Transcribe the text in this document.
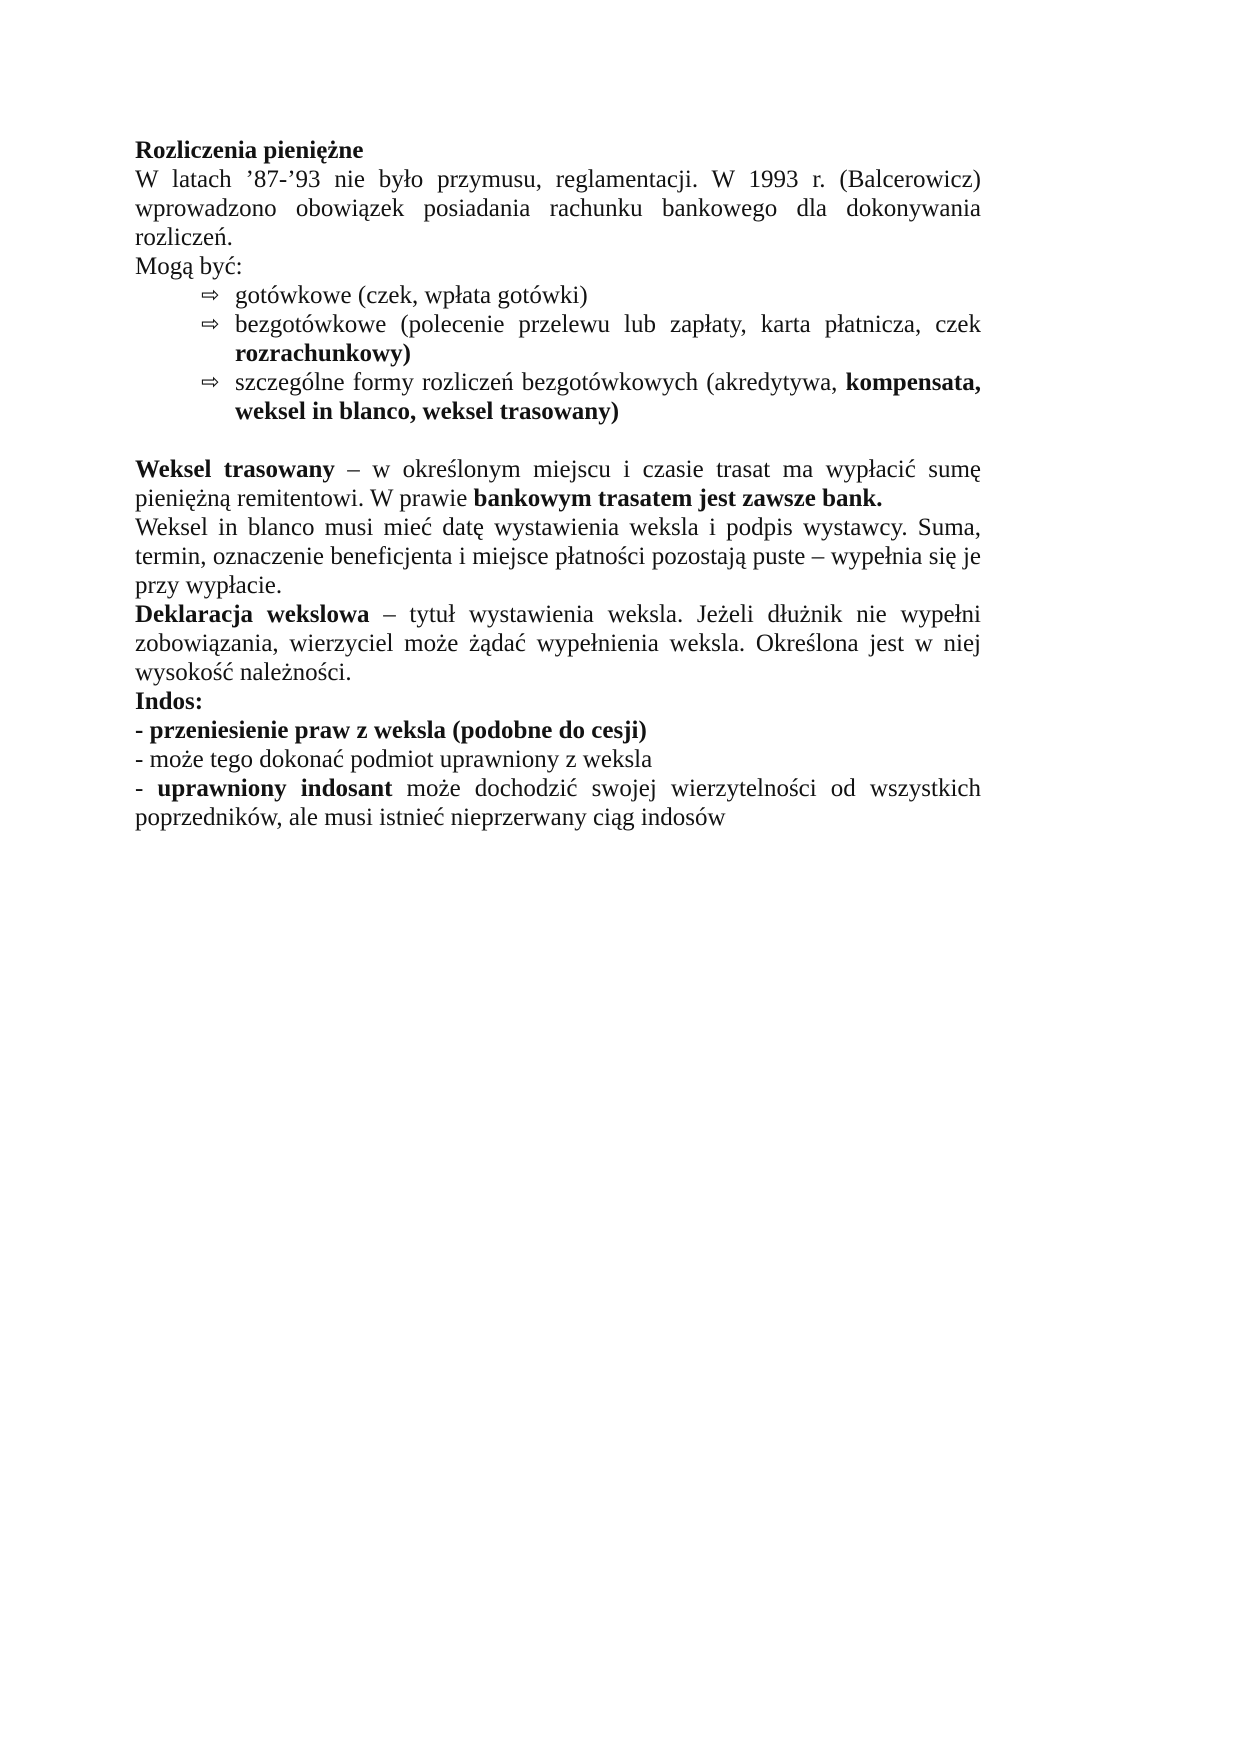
Rozliczenia pieniężne

W latach ’87-’93 nie było przymusu, reglamentacji. W 1993 r. (Balcerowicz) wprowadzono obowiązek posiadania rachunku bankowego dla dokonywania rozliczeń.

Mogą być:

⇨ gotówkowe (czek, wpłata gotówki)
⇨ bezgotówkowe (polecenie przelewu lub zapłaty, karta płatnicza, czek rozrachunkowy)
⇨ szczególne formy rozliczeń bezgotówkowych (akredytywa, kompensata, weksel in blanco, weksel trasowany)

Weksel trasowany – w określonym miejscu i czasie trasat ma wypłacić sumę pieniężną remitentowi. W prawie bankowym trasatem jest zawsze bank.

Weksel in blanco musi mieć datę wystawienia weksla i podpis wystawcy. Suma, termin, oznaczenie beneficjenta i miejsce płatności pozostają puste – wypełnia się je przy wypłacie.

Deklaracja wekslowa – tytuł wystawienia weksla. Jeżeli dłużnik nie wypełni zobowiązania, wierzyciel może żądać wypełnienia weksla. Określona jest w niej wysokość należności.

Indos:

- przeniesienie praw z weksla (podobne do cesji)

- może tego dokonać podmiot uprawniony z weksla

- uprawniony indosant może dochodzić swojej wierzytelności od wszystkich poprzedników, ale musi istnieć nieprzerwany ciąg indosów
